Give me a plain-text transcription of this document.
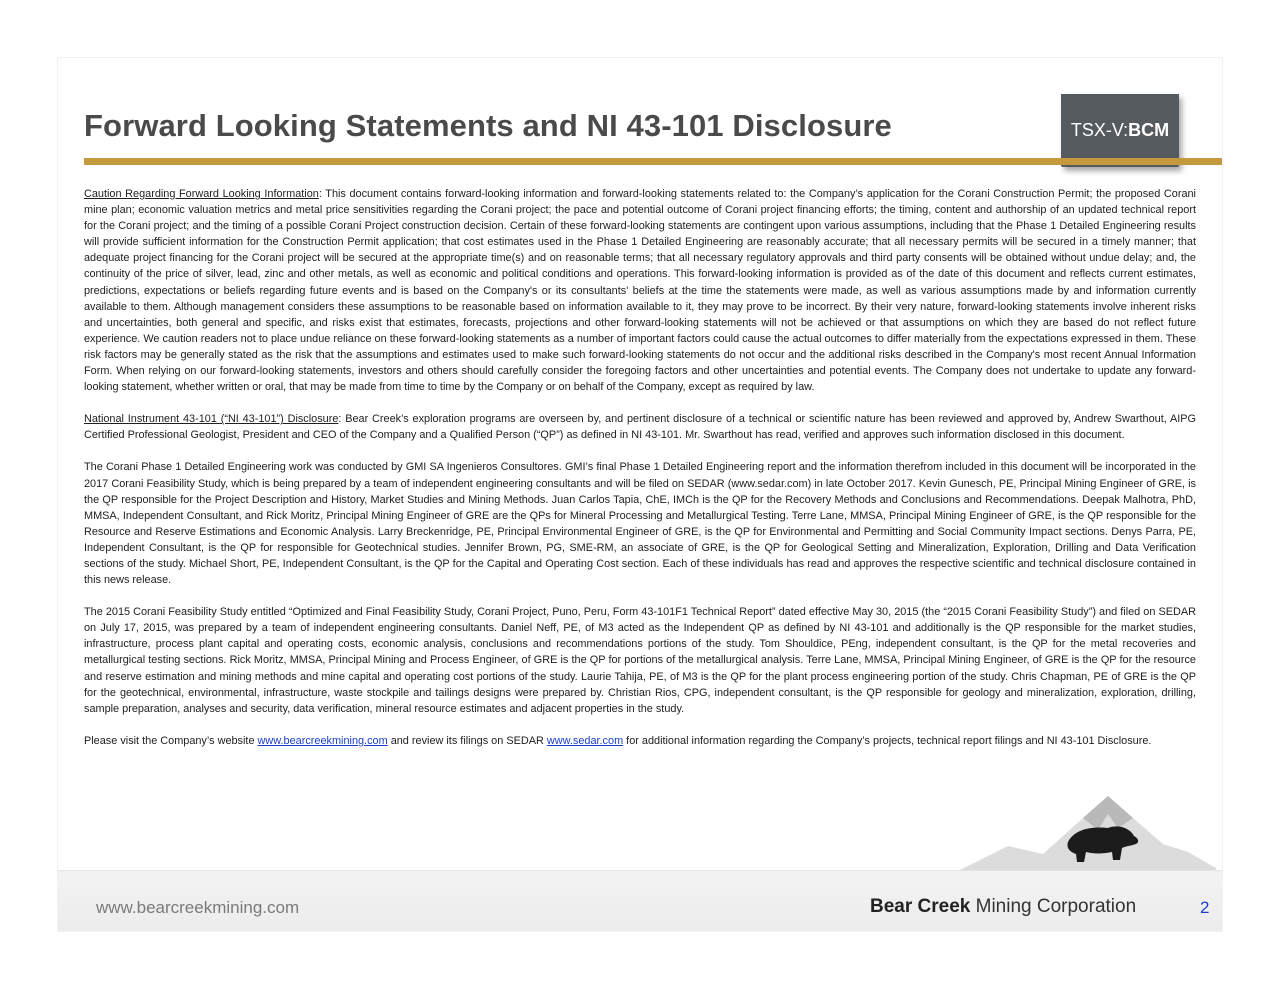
Forward Looking Statements and NI 43-101 Disclosure	TSX-V: BCM

Caution Regarding Forward Looking Information: This document contains forward-looking information and forward-looking statements related to: the Company’s application for the Corani Construction Permit; the proposed Corani mine plan; economic valuation metrics and metal price sensitivities regarding the Corani project; the pace and potential outcome of Corani project financing efforts; the timing, content and authorship of an updated technical report for the Corani project; and the timing of a possible Corani Project construction decision. Certain of these forward-looking statements are contingent upon various assumptions, including that the Phase 1 Detailed Engineering results will provide sufficient information for the Construction Permit application; that cost estimates used in the Phase 1 Detailed Engineering are reasonably accurate; that all necessary permits will be secured in a timely manner; that adequate project financing for the Corani project will be secured at the appropriate time(s) and on reasonable terms; that all necessary regulatory approvals and third party consents will be obtained without undue delay; and, the continuity of the price of silver, lead, zinc and other metals, as well as economic and political conditions and operations. This forward-looking information is provided as of the date of this document and reflects current estimates, predictions, expectations or beliefs regarding future events and is based on the Company's or its consultants' beliefs at the time the statements were made, as well as various assumptions made by and information currently available to them. Although management considers these assumptions to be reasonable based on information available to it, they may prove to be incorrect. By their very nature, forward-looking statements involve inherent risks and uncertainties, both general and specific, and risks exist that estimates, forecasts, projections and other forward-looking statements will not be achieved or that assumptions on which they are based do not reflect future experience. We caution readers not to place undue reliance on these forward-looking statements as a number of important factors could cause the actual outcomes to differ materially from the expectations expressed in them. These risk factors may be generally stated as the risk that the assumptions and estimates used to make such forward-looking statements do not occur and the additional risks described in the Company's most recent Annual Information Form. When relying on our forward-looking statements, investors and others should carefully consider the foregoing factors and other uncertainties and potential events. The Company does not undertake to update any forward-looking statement, whether written or oral, that may be made from time to time by the Company or on behalf of the Company, except as required by law.

National Instrument 43-101 (“NI 43-101”) Disclosure: Bear Creek’s exploration programs are overseen by, and pertinent disclosure of a technical or scientific nature has been reviewed and approved by, Andrew Swarthout, AIPG Certified Professional Geologist, President and CEO of the Company and a Qualified Person (“QP”) as defined in NI 43-101. Mr. Swarthout has read, verified and approves such information disclosed in this document.

The Corani Phase 1 Detailed Engineering work was conducted by GMI SA Ingenieros Consultores. GMI’s final Phase 1 Detailed Engineering report and the information therefrom included in this document will be incorporated in the 2017 Corani Feasibility Study, which is being prepared by a team of independent engineering consultants and will be filed on SEDAR (www.sedar.com) in late October 2017. Kevin Gunesch, PE, Principal Mining Engineer of GRE, is the QP responsible for the Project Description and History, Market Studies and Mining Methods. Juan Carlos Tapia, ChE, IMCh is the QP for the Recovery Methods and Conclusions and Recommendations. Deepak Malhotra, PhD, MMSA, Independent Consultant, and Rick Moritz, Principal Mining Engineer of GRE are the QPs for Mineral Processing and Metallurgical Testing. Terre Lane, MMSA, Principal Mining Engineer of GRE, is the QP responsible for the Resource and Reserve Estimations and Economic Analysis. Larry Breckenridge, PE, Principal Environmental Engineer of GRE, is the QP for Environmental and Permitting and Social Community Impact sections. Denys Parra, PE, Independent Consultant, is the QP for responsible for Geotechnical studies. Jennifer Brown, PG, SME-RM, an associate of GRE, is the QP for Geological Setting and Mineralization, Exploration, Drilling and Data Verification sections of the study. Michael Short, PE, Independent Consultant, is the QP for the Capital and Operating Cost section. Each of these individuals has read and approves the respective scientific and technical disclosure contained in this news release.

The 2015 Corani Feasibility Study entitled “Optimized and Final Feasibility Study, Corani Project, Puno, Peru, Form 43-101F1 Technical Report” dated effective May 30, 2015 (the “2015 Corani Feasibility Study”) and filed on SEDAR on July 17, 2015, was prepared by a team of independent engineering consultants. Daniel Neff, PE, of M3 acted as the Independent QP as defined by NI 43-101 and additionally is the QP responsible for the market studies, infrastructure, process plant capital and operating costs, economic analysis, conclusions and recommendations portions of the study. Tom Shouldice, PEng, independent consultant, is the QP for the metal recoveries and metallurgical testing sections. Rick Moritz, MMSA, Principal Mining and Process Engineer, of GRE is the QP for portions of the metallurgical analysis. Terre Lane, MMSA, Principal Mining Engineer, of GRE is the QP for the resource and reserve estimation and mining methods and mine capital and operating cost portions of the study. Laurie Tahija, PE, of M3 is the QP for the plant process engineering portion of the study. Chris Chapman, PE of GRE is the QP for the geotechnical, environmental, infrastructure, waste stockpile and tailings designs were prepared by. Christian Rios, CPG, independent consultant, is the QP responsible for geology and mineralization, exploration, drilling, sample preparation, analyses and security, data verification, mineral resource estimates and adjacent properties in the study.

Please visit the Company’s website www.bearcreekmining.com and review its filings on SEDAR www.sedar.com for additional information regarding the Company’s projects, technical report filings and NI 43-101 Disclosure.

www.bearcreekmining.com	Bear Creek Mining Corporation	2
